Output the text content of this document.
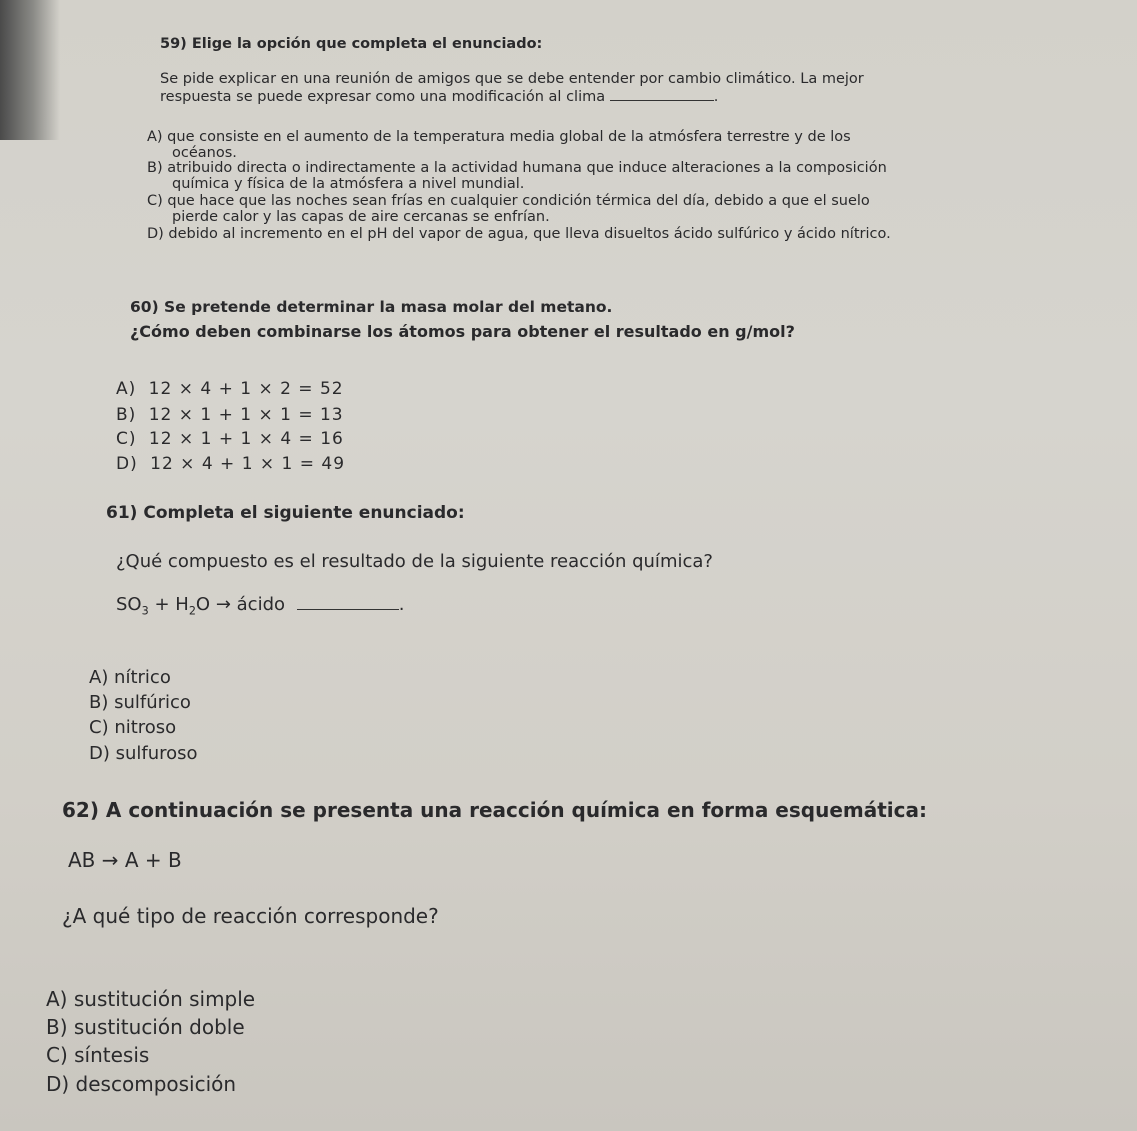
59) Elige la opción que completa el enunciado:
Se pide explicar en una reunión de amigos que se debe entender por cambio climático. La mejor
respuesta se puede expresar como una modificación al clima	.
A) que consiste en el aumento de la temperatura media global de la atmósfera terrestre y de los
océanos.
B) atribuido directa o indirectamente a la actividad humana que induce alteraciones a la composición
química y física de la atmósfera a nivel mundial.
C) que hace que las noches sean frías en cualquier condición térmica del día, debido a que el suelo
pierde calor y las capas de aire cercanas se enfrían.
D) debido al incremento en el pH del vapor de agua, que lleva disueltos ácido sulfúrico y ácido nítrico.
60) Se pretende determinar la masa molar del metano.
¿Cómo deben combinarse los átomos para obtener el resultado en g/mol?
A) 12 × 4 + 1 × 2 = 52
B) 12 × 1 + 1 × 1 = 13
C) 12 × 1 + 1 × 4 = 16
D) 12 × 4 + 1 × 1 = 49
61) Completa el siguiente enunciado:
¿Qué compuesto es el resultado de la siguiente reacción química?
$SO_3 + H_2O$ → ácido	.
A) nítrico
B) sulfúrico
C) nitroso
D) sulfuroso
62) A continuación se presenta una reacción química en forma esquemática:
AB → A + B
¿A qué tipo de reacción corresponde?
A) sustitución simple
B) sustitución doble
C) síntesis
D) descomposición
